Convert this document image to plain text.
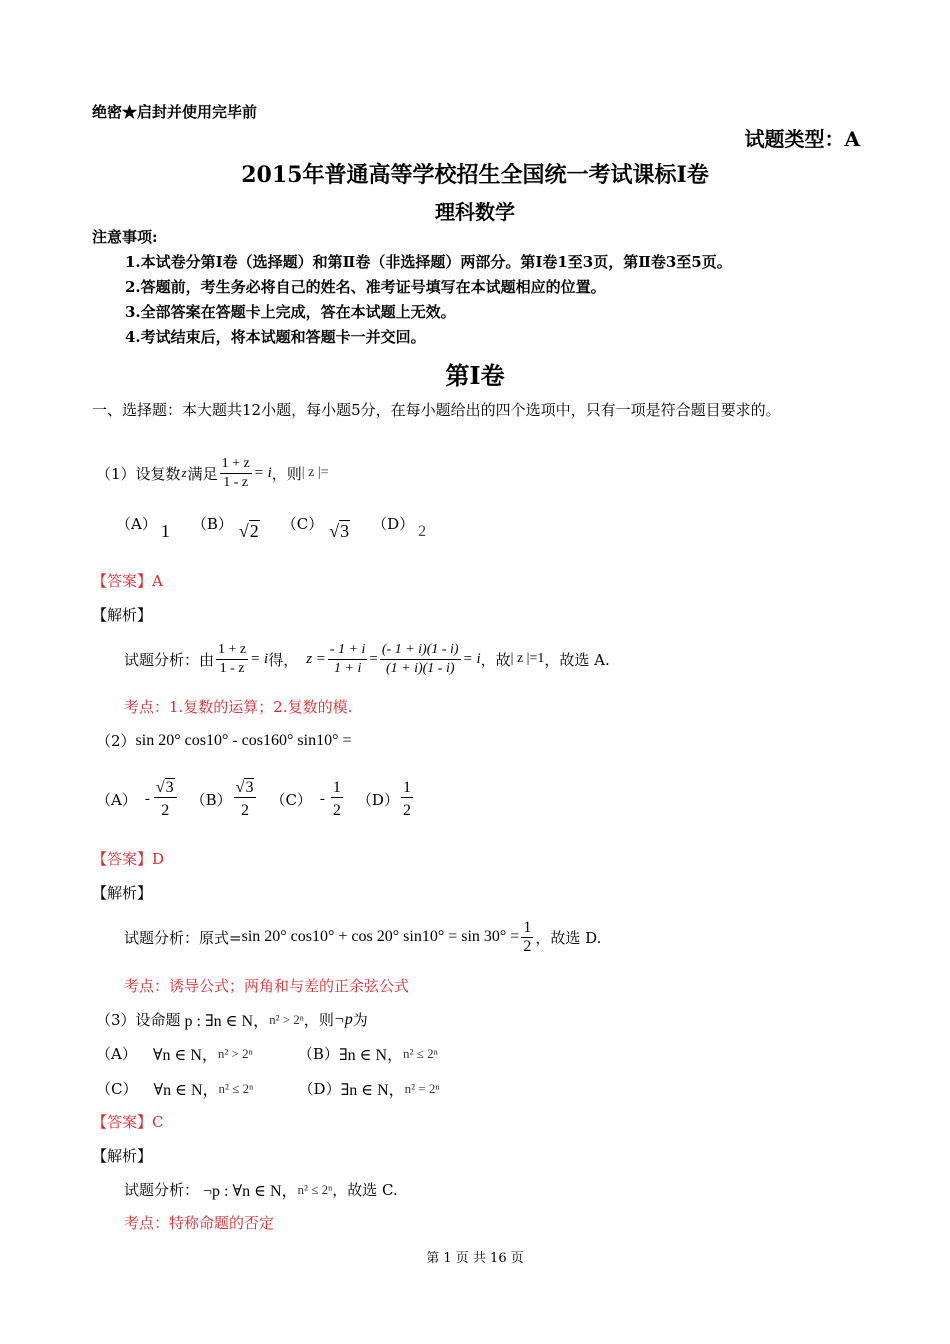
绝密★启封并使用完毕前
试题类型：A
2015年普通高等学校招生全国统一考试课标Ⅰ卷
理科数学
注意事项:
1.本试卷分第Ⅰ卷（选择题）和第Ⅱ卷（非选择题）两部分。第Ⅰ卷1至3页，第Ⅱ卷3至5页。
2.答题前，考生务必将自己的姓名、准考证号填写在本试题相应的位置。
3.全部答案在答题卡上完成，答在本试题上无效。
4.考试结束后，将本试题和答题卡一并交回。
第Ⅰ卷
一、选择题：本大题共12小题，每小题5分，在每小题给出的四个选项中，只有一项是符合题目要求的。
（1）设复数 z 满足 $\frac{1 + z}{1 - z} = i$ ，则 | z |=
（A） 1 （B） √2 （C） √3 （D） 2
【答案】A
【解析】
试题分析： 由 $\frac{1 + z}{1 - z} = i$ 得， $z = \frac{- 1 + i}{1 + i} = \frac{(- 1 + i)(1 - i)}{(1 + i)(1 - i)} = i$ ，故 | z |=1 ，故选 A.
考点：1.复数的运算；2.复数的模.
（2） sin 20° cos10° - cos160° sin10° =
$(A) - \frac{√3}{2} (B) \frac{√3}{2} (C) - \frac{1}{2} (D) \frac{1}{2}$
【答案】D
【解析】
试题分析： 原式= sin 20° cos10° + cos 20° $\sin 10^\circ = \sin 30^\circ = \frac{1}{2}$ ，故选 D.
考点：诱导公式；两角和与差的正余弦公式
（3）设命题 p : ∃n ∈ N， n² > 2ⁿ ，则 ¬p 为
（A） ∀n ∈ N， n² > 2ⁿ	（B） ∃n ∈ N， n² ≤ 2ⁿ
（C） ∀n ∈ N， n² ≤ 2ⁿ	（D） ∃n ∈ N， n² = 2ⁿ
【答案】C
【解析】
试题分析： ¬p : ∀n ∈ N， n² ≤ 2ⁿ ，故选 C.
考点：特称命题的否定
第 1 页 共 16 页
